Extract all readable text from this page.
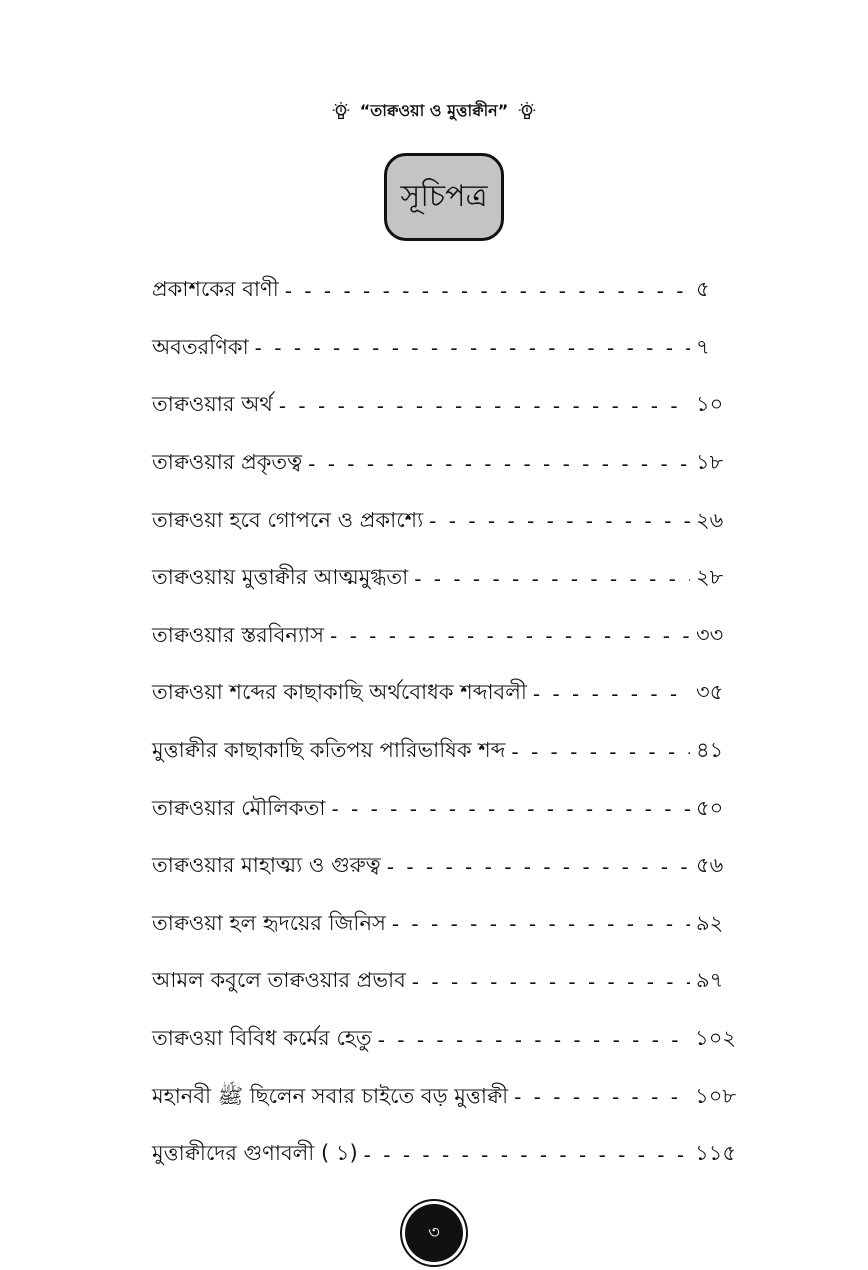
“তাক্বওয়া ও মুত্তাক্বীন”
সূচিপত্র
প্রকাশকের বাণী - - -	৫
অবতরণিকা - - -	৭
তাক্বওয়ার অর্থ - - -	১০
তাক্বওয়ার প্রকৃতত্ব - - -	১৮
তাক্বওয়া হবে গোপনে ও প্রকাশ্যে - - -	২৬
তাক্বওয়ায় মুত্তাক্বীর আত্মমুগ্ধতা - - -	২৮
তাক্বওয়ার স্তরবিন্যাস - - -	৩৩
তাক্বওয়া শব্দের কাছাকাছি অর্থবোধক শব্দাবলী - - -	৩৫
মুত্তাক্বীর কাছাকাছি কতিপয় পারিভাষিক শব্দ - - -	৪১
তাক্বওয়ার মৌলিকতা - - -	৫০
তাক্বওয়ার মাহাত্ম্য ও গুরুত্ব - - -	৫৬
তাক্বওয়া হল হৃদয়ের জিনিস - - -	৯২
আমল কবুলে তাক্বওয়ার প্রভাব - - -	৯৭
তাক্বওয়া বিবিধ কর্মের হেতু - - -	১০২
মহানবী ﷺ ছিলেন সবার চাইতে বড় মুত্তাক্বী - - -	১০৮
মুত্তাক্বীদের গুণাবলী ( ১) - - -	১১৫
৩
